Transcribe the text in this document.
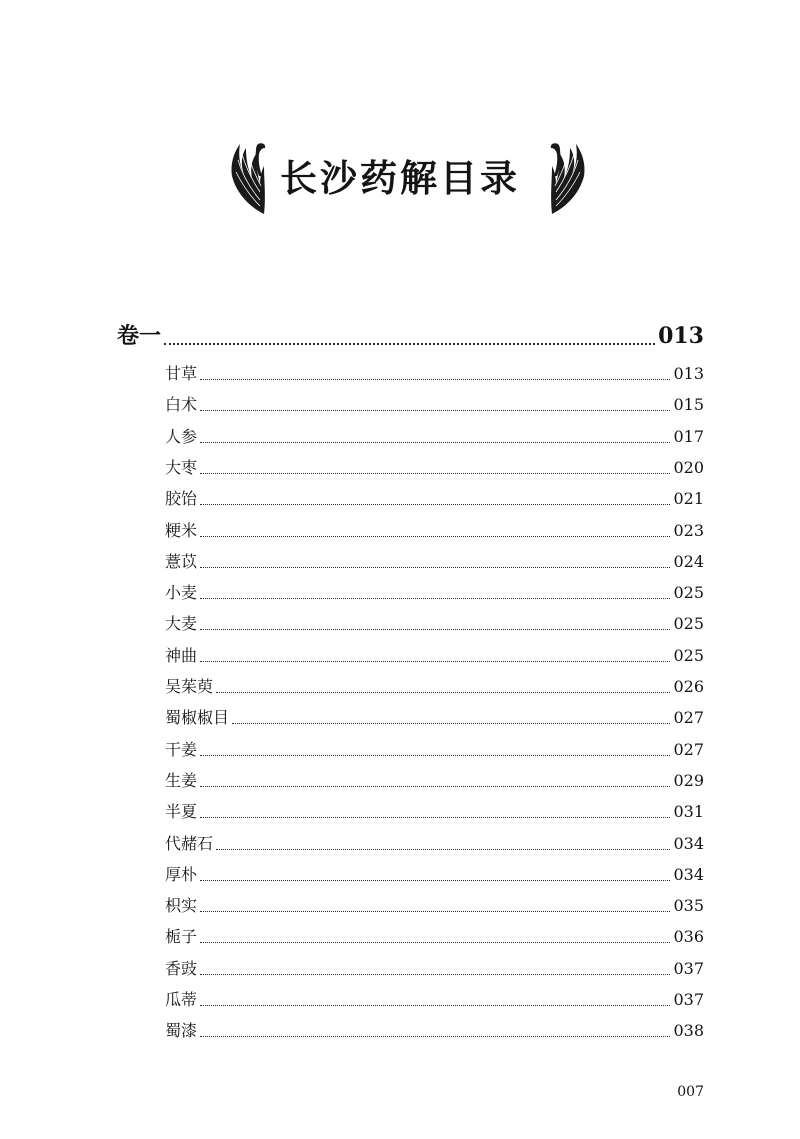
长沙药解目录
卷一	013
甘草	013
白术	015
人参	017
大枣	020
胶饴	021
粳米	023
薏苡	024
小麦	025
大麦	025
神曲	025
吴茱萸	026
蜀椒椒目	027
干姜	027
生姜	029
半夏	031
代赭石	034
厚朴	034
枳实	035
栀子	036
香豉	037
瓜蒂	037
蜀漆	038
007
